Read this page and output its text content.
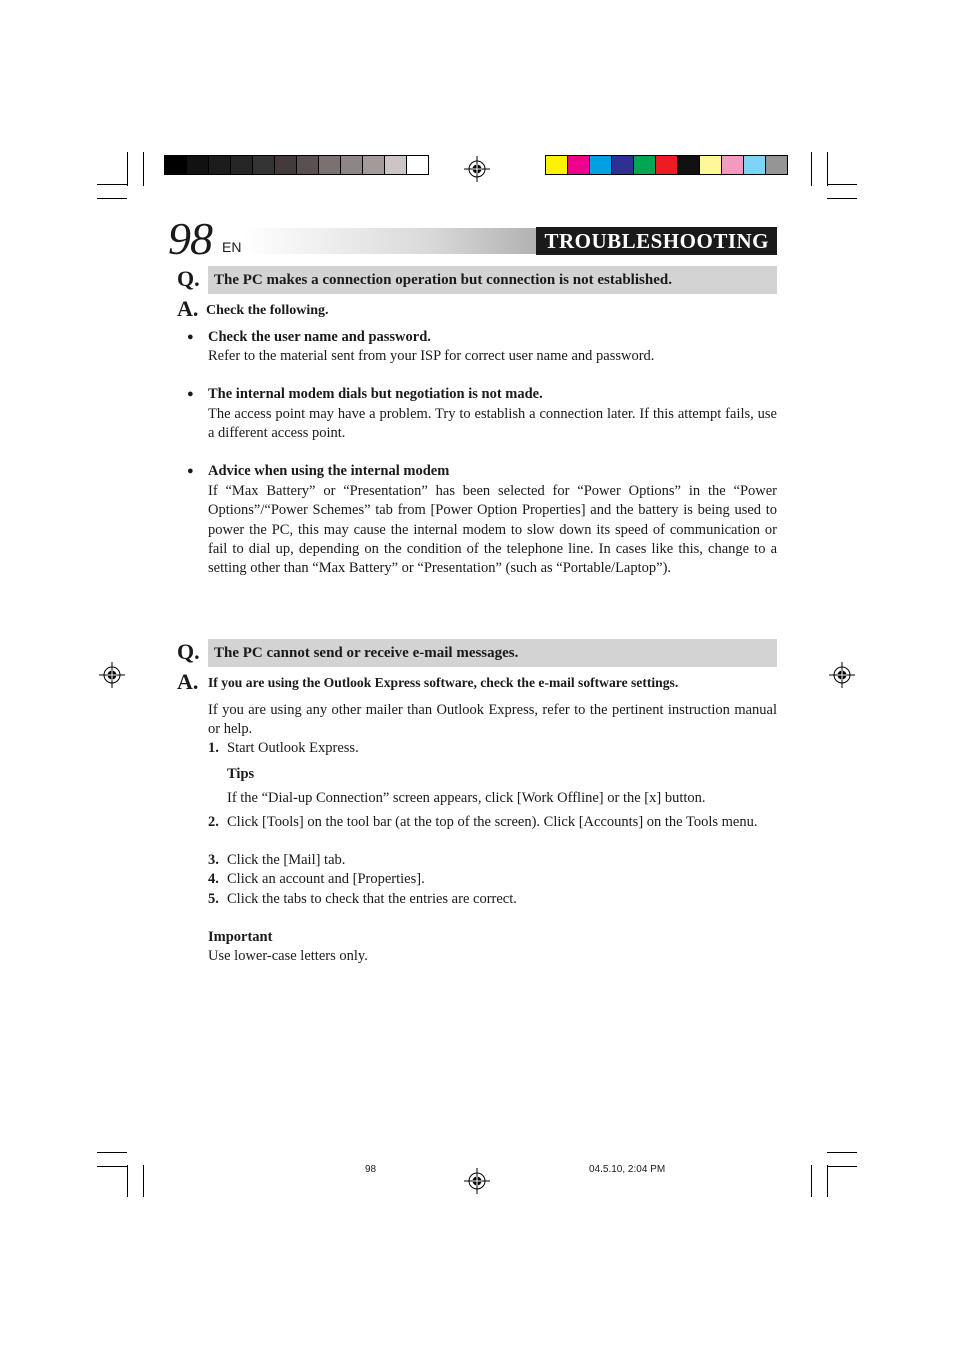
98 EN	TROUBLESHOOTING
Q. The PC makes a connection operation but connection is not established.
A. Check the following.
● Check the user name and password.
Refer to the material sent from your ISP for correct user name and password.
● The internal modem dials but negotiation is not made.
The access point may have a problem. Try to establish a connection later. If this attempt fails, use a different access point.
● Advice when using the internal modem
If “Max Battery” or “Presentation” has been selected for “Power Options” in the “Power Options”/“Power Schemes” tab from [Power Option Properties] and the battery is being used to power the PC, this may cause the internal modem to slow down its speed of communication or fail to dial up, depending on the condition of the telephone line. In cases like this, change to a setting other than “Max Battery” or “Presentation” (such as “Portable/Laptop”).
Q. The PC cannot send or receive e-mail messages.
A. If you are using the Outlook Express software, check the e-mail software settings.
If you are using any other mailer than Outlook Express, refer to the pertinent instruction manual or help.
1. Start Outlook Express.
Tips
If the “Dial-up Connection” screen appears, click [Work Offline] or the [x] button.
2. Click [Tools] on the tool bar (at the top of the screen). Click [Accounts] on the Tools menu.
3. Click the [Mail] tab.
4. Click an account and [Properties].
5. Click the tabs to check that the entries are correct.
Important
Use lower-case letters only.
98	04.5.10, 2:04 PM
